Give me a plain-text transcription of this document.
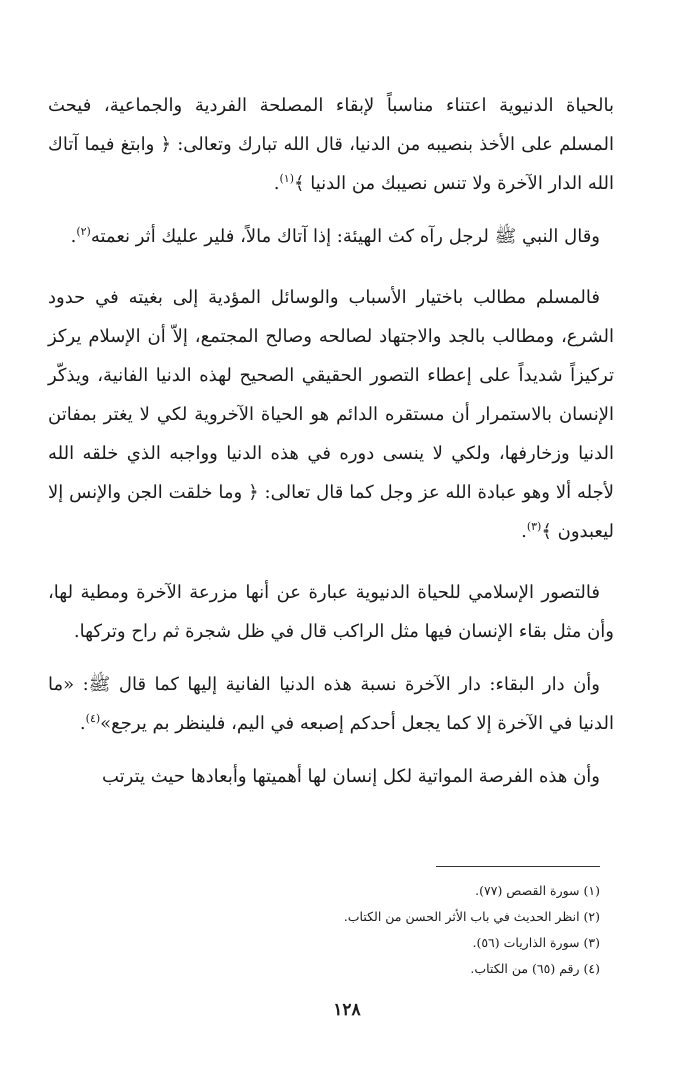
بالحياة الدنيوية اعتناء مناسباً لإبقاء المصلحة الفردية والجماعية، فيحث المسلم على الأخذ بنصيبه من الدنيا، قال الله تبارك وتعالى: ﴿ وابتغ فيما آتاك الله الدار الآخرة ولا تنس نصيبك من الدنيا ﴾$^{(١)}$.

وقال النبي ﷺ لرجل رآه كث الهيئة: إذا آتاك مالاً، فلير عليك أثر نعمته$^{(٢)}$.

فالمسلم مطالب باختيار الأسباب والوسائل المؤدية إلى بغيته في حدود الشرع، ومطالب بالجد والاجتهاد لصالحه وصالح المجتمع، إلاّ أن الإسلام يركز تركيزاً شديداً على إعطاء التصور الحقيقي الصحيح لهذه الدنيا الفانية، ويذكّر الإنسان بالاستمرار أن مستقره الدائم هو الحياة الآخروية لكي لا يغتر بمفاتن الدنيا وزخارفها، ولكي لا ينسى دوره في هذه الدنيا وواجبه الذي خلقه الله لأجله ألا وهو عبادة الله عز وجل كما قال تعالى: ﴿ وما خلقت الجن والإنس إلا ليعبدون ﴾$^{(٣)}$.

فالتصور الإسلامي للحياة الدنيوية عبارة عن أنها مزرعة الآخرة ومطية لها، وأن مثل بقاء الإنسان فيها مثل الراكب قال في ظل شجرة ثم راح وتركها.

وأن دار البقاء: دار الآخرة نسبة هذه الدنيا الفانية إليها كما قال ﷺ: «ما الدنيا في الآخرة إلا كما يجعل أحدكم إصبعه في اليم، فلينظر بم يرجع»$^{(٤)}$.

وأن هذه الفرصة المواتية لكل إنسان لها أهميتها وأبعادها حيث يترتب

(١) سورة القصص (٧٧).
(٢) انظر الحديث في باب الأثر الحسن من الكتاب.
(٣) سورة الذاريات (٥٦).
(٤) رقم (٦٥) من الكتاب.
١٢٨
